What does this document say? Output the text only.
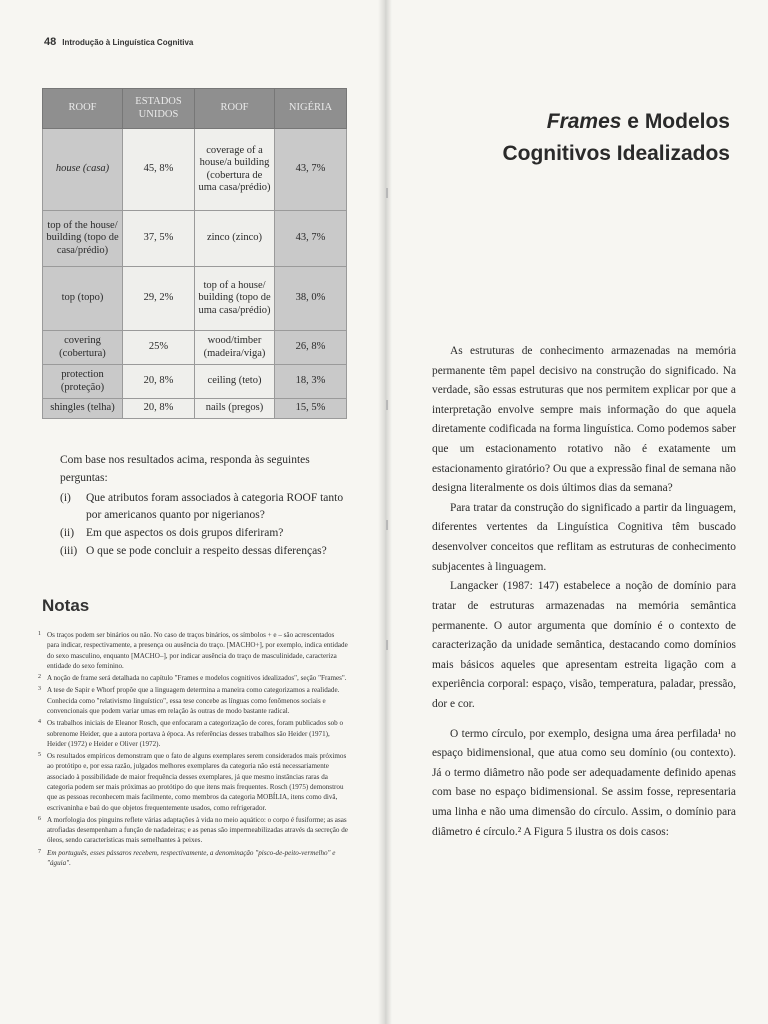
48 Introdução à Linguística Cognitiva
ROOF	ESTADOS UNIDOS	ROOF	NIGÉRIA
house (casa)	45, 8%	coverage of a house/a building (cobertura de uma casa/prédio)	43, 7%
top of the house/ building (topo de casa/prédio)	37, 5%	zinco (zinco)	43, 7%
top (topo)	29, 2%	top of a house/ building (topo de uma casa/prédio)	38, 0%
covering (cobertura)	25%	wood/timber (madeira/viga)	26, 8%
protection (proteção)	20, 8%	ceiling (teto)	18, 3%
shingles (telha)	20, 8%	nails (pregos)	15, 5%

Com base nos resultados acima, responda às seguintes perguntas:

(i)	Que atributos foram associados à categoria ROOF tanto por americanos quanto por nigerianos?
(ii)	Em que aspectos os dois grupos diferiram?
(iii) O que se pode concluir a respeito dessas diferenças?
Notas
1 Os traços podem ser binários ou não. No caso de traços binários, os símbolos + e – são acrescentados para indicar, respectivamente, a presença ou ausência do traço. [MACHO+], por exemplo, indica entidade do sexo masculino, enquanto [MACHO–], por indicar ausência do traço de masculinidade, caracteriza entidade do sexo feminino.
2 A noção de frame será detalhada no capítulo "Frames e modelos cognitivos idealizados", seção "Frames".
3 A tese de Sapir e Whorf propõe que a linguagem determina a maneira como categorizamos a realidade. Conhecida como "relativismo linguístico", essa tese concebe as línguas como fenômenos sociais e convencionais que podem variar umas em relação às outras de modo bastante radical.
4 Os trabalhos iniciais de Eleanor Rosch, que enfocaram a categorização de cores, foram publicados sob o sobrenome Heider, que a autora portava à época. As referências desses trabalhos são Heider (1971), Heider (1972) e Heider e Oliver (1972).
5 Os resultados empíricos demonstram que o fato de alguns exemplares serem considerados mais próximos ao protótipo e, por essa razão, julgados melhores exemplares da categoria não está necessariamente associado à possibilidade de maior frequência desses exemplares, já que mesmo instâncias raras da categoria podem ser mais próximas ao protótipo do que itens mais frequentes. Rosch (1975) demonstrou que as pessoas reconhecem mais facilmente, como membros da categoria MOBÍLIA, itens como divã, escrivaninha e baú do que objetos frequentemente usados, como refrigerador.
6 A morfologia dos pinguins reflete várias adaptações à vida no meio aquático: o corpo é fusiforme; as asas atrofiadas desempenham a função de nadadeiras; e as penas são impermeabilizadas através da secreção de óleos, sendo características mais semelhantes à peixes.
7 Em português, esses pássaros recebem, respectivamente, a denominação "pisco-de-peito-vermelho" e "águia".
Frames e Modelos
Cognitivos Idealizados

As estruturas de conhecimento armazenadas na memória permanente têm papel decisivo na construção do significado. Na verdade, são essas estruturas que nos permitem explicar por que a interpretação envolve sempre mais informação do que aquela diretamente codificada na forma linguística. Como podemos saber que um estacionamento rotativo não é exatamente um estacionamento giratório? Ou que a expressão final de semana não designa literalmente os dois últimos dias da semana?

Para tratar da construção do significado a partir da linguagem, diferentes vertentes da Linguística Cognitiva têm buscado desenvolver conceitos que reflitam as estruturas de conhecimento subjacentes à linguagem.

Langacker (1987: 147) estabelece a noção de domínio para tratar de estruturas armazenadas na memória semântica permanente. O autor argumenta que domínio é o contexto de caracterização da unidade semântica, destacando como domínios mais básicos aqueles que apresentam estreita ligação com a experiência corporal: espaço, visão, temperatura, paladar, pressão, dor e cor.

O termo círculo, por exemplo, designa uma área perfilada¹ no espaço bidimensional, que atua como seu domínio (ou contexto). Já o termo diâmetro não pode ser adequadamente definido apenas com base no espaço bidimensional. Se assim fosse, representaria uma linha e não uma dimensão do círculo. Assim, o domínio para diâmetro é círculo.² A Figura 5 ilustra os dois casos:
